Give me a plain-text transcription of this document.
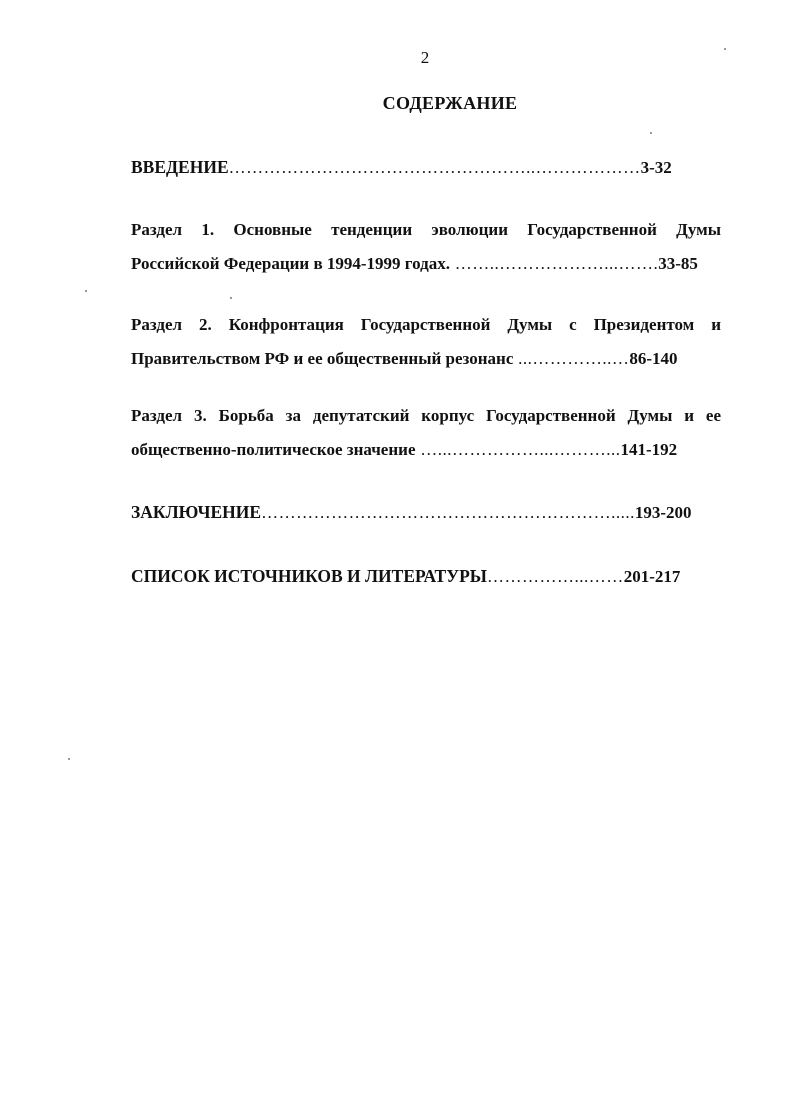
2
СОДЕРЖАНИЕ
ВВЕДЕНИЕ……………………………………………..………………3-32
Раздел 1. Основные тенденции эволюции Государственной Думы
Российской Федерации в 1994-1999 годах. ……..………………...…….33-85
Раздел 2. Конфронтация Государственной Думы с Президентом и
Правительством РФ и ее общественный резонанс ...…………..…86-140
Раздел 3. Борьба за депутатский корпус Государственной Думы и ее
общественно-политическое значение …...……………...………...141-192
ЗАКЛЮЧЕНИЕ…………………………………………………….....193-200
СПИСОК ИСТОЧНИКОВ И ЛИТЕРАТУРЫ……………...……201-217
